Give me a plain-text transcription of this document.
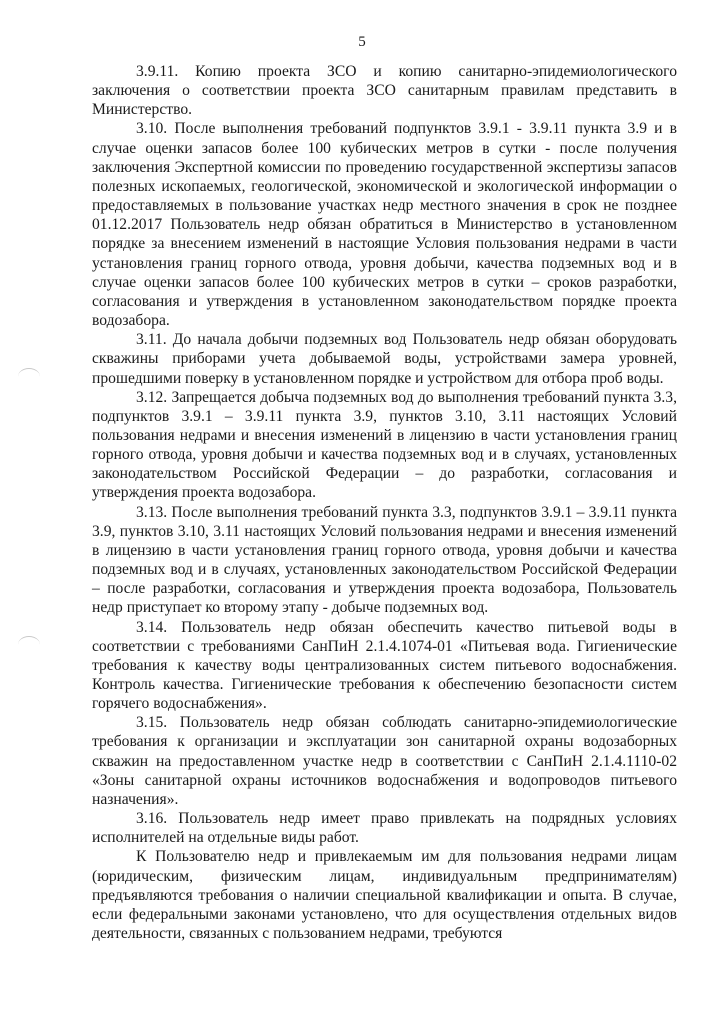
5

3.9.11. Копию проекта ЗСО и копию санитарно-эпидемиологического заключения о соответствии проекта ЗСО санитарным правилам представить в Министерство.

3.10. После выполнения требований подпунктов 3.9.1 - 3.9.11 пункта 3.9 и в случае оценки запасов более 100 кубических метров в сутки - после получения заключения Экспертной комиссии по проведению государственной экспертизы запасов полезных ископаемых, геологической, экономической и экологической информации о предоставляемых в пользование участках недр местного значения в срок не позднее 01.12.2017 Пользователь недр обязан обратиться в Министерство в установленном порядке за внесением изменений в настоящие Условия пользования недрами в части установления границ горного отвода, уровня добычи, качества подземных вод и в случае оценки запасов более 100 кубических метров в сутки – сроков разработки, согласования и утверждения в установленном законодательством порядке проекта водозабора.

3.11. До начала добычи подземных вод Пользователь недр обязан оборудовать скважины приборами учета добываемой воды, устройствами замера уровней, прошедшими поверку в установленном порядке и устройством для отбора проб воды.

3.12. Запрещается добыча подземных вод до выполнения требований пункта 3.3, подпунктов 3.9.1 – 3.9.11 пункта 3.9, пунктов 3.10, 3.11 настоящих Условий пользования недрами и внесения изменений в лицензию в части установления границ горного отвода, уровня добычи и качества подземных вод и в случаях, установленных законодательством Российской Федерации – до разработки, согласования и утверждения проекта водозабора.

3.13. После выполнения требований пункта 3.3, подпунктов 3.9.1 – 3.9.11 пункта 3.9, пунктов 3.10, 3.11 настоящих Условий пользования недрами и внесения изменений в лицензию в части установления границ горного отвода, уровня добычи и качества подземных вод и в случаях, установленных законодательством Российской Федерации – после разработки, согласования и утверждения проекта водозабора, Пользователь недр приступает ко второму этапу - добыче подземных вод.

3.14. Пользователь недр обязан обеспечить качество питьевой воды в соответствии с требованиями СанПиН 2.1.4.1074-01 «Питьевая вода. Гигиенические требования к качеству воды централизованных систем питьевого водоснабжения. Контроль качества. Гигиенические требования к обеспечению безопасности систем горячего водоснабжения».

3.15. Пользователь недр обязан соблюдать санитарно-эпидемиологические требования к организации и эксплуатации зон санитарной охраны водозаборных скважин на предоставленном участке недр в соответствии с СанПиН 2.1.4.1110-02 «Зоны санитарной охраны источников водоснабжения и водопроводов питьевого назначения».

3.16. Пользователь недр имеет право привлекать на подрядных условиях исполнителей на отдельные виды работ.

К Пользователю недр и привлекаемым им для пользования недрами лицам (юридическим, физическим лицам, индивидуальным предпринимателям) предъявляются требования о наличии специальной квалификации и опыта. В случае, если федеральными законами установлено, что для осуществления отдельных видов деятельности, связанных с пользованием недрами, требуются
